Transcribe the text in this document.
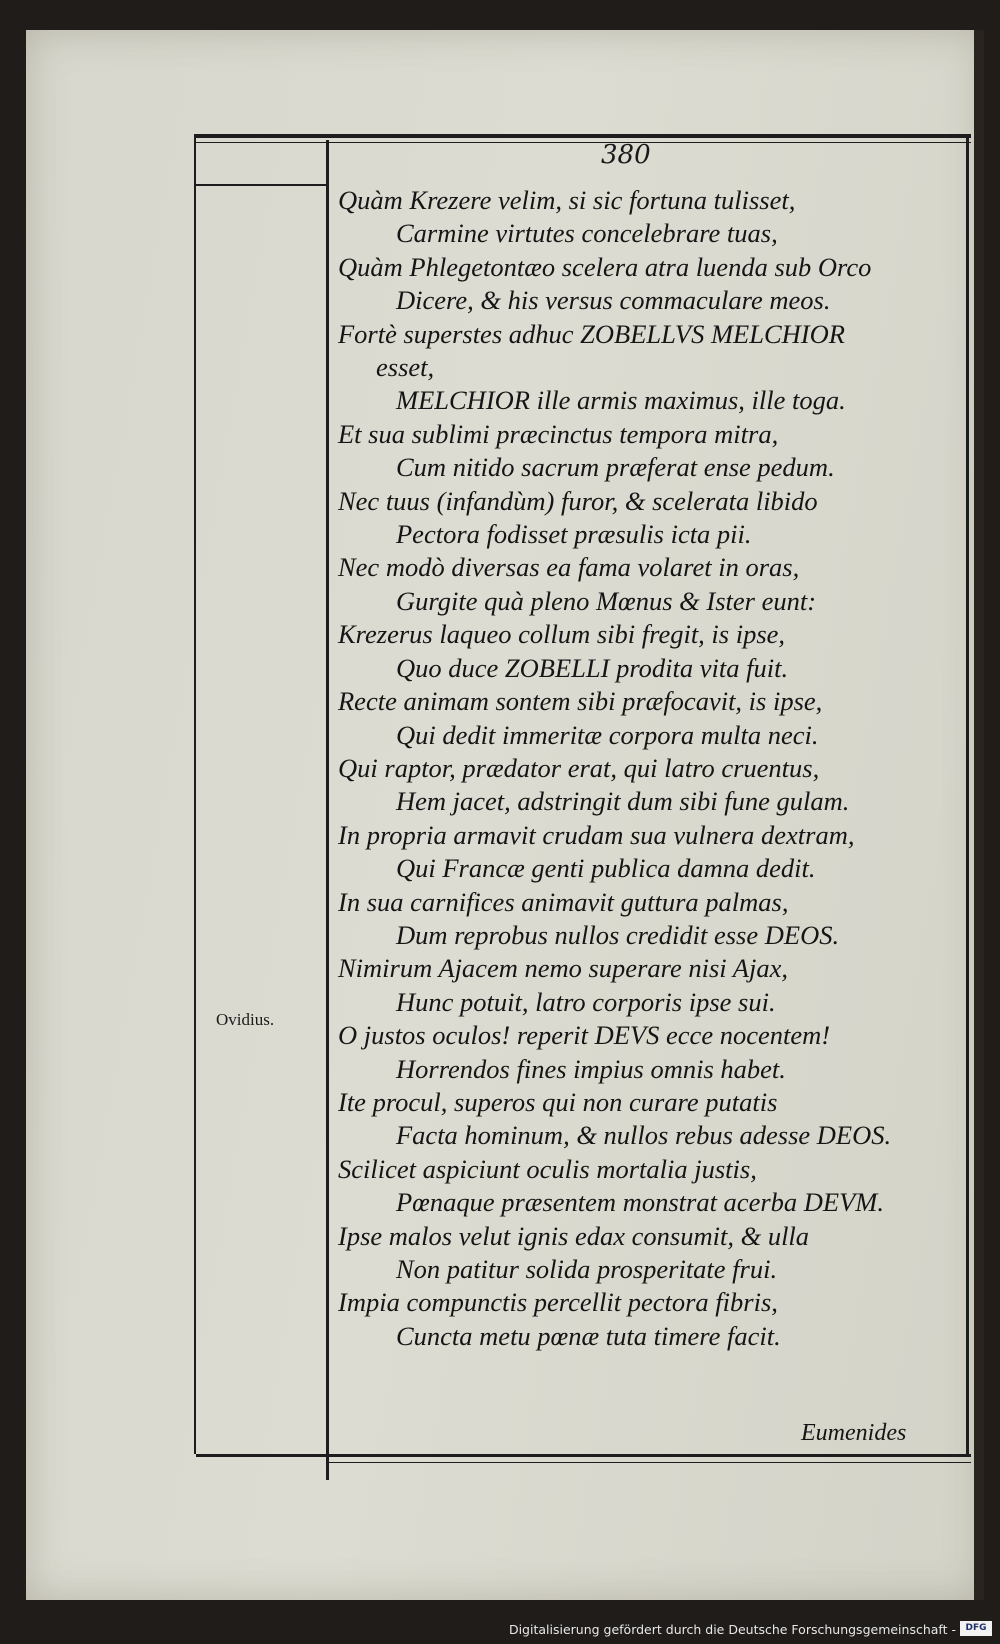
380
Quàm Krezere velim, si sic fortuna tulisset,
Carmine virtutes concelebrare tuas,
Quàm Phlegetontæo scelera atra luenda sub Orco
Dicere, & his versus commaculare meos.
Fortè superstes adhuc ZOBELLVS MELCHIOR
esset,
MELCHIOR ille armis maximus, ille toga.
Et sua sublimi præcinctus tempora mitra,
Cum nitido sacrum præferat ense pedum.
Nec tuus (infandùm) furor, & scelerata libido
Pectora fodisset præsulis icta pii.
Nec modò diversas ea fama volaret in oras,
Gurgite quà pleno Mœnus & Ister eunt:
Krezerus laqueo collum sibi fregit, is ipse,
Quo duce ZOBELLI prodita vita fuit.
Recte animam sontem sibi præfocavit, is ipse,
Qui dedit immeritæ corpora multa neci.
Qui raptor, prædator erat, qui latro cruentus,
Hem jacet, adstringit dum sibi fune gulam.
In propria armavit crudam sua vulnera dextram,
Qui Francæ genti publica damna dedit.
In sua carnifices animavit guttura palmas,
Dum reprobus nullos credidit esse DEOS.
Nimirum Ajacem nemo superare nisi Ajax,
Hunc potuit, latro corporis ipse sui.
O justos oculos! reperit DEVS ecce nocentem!
Horrendos fines impius omnis habet.
Ite procul, superos qui non curare putatis
Facta hominum, & nullos rebus adesse DEOS.
Scilicet aspiciunt oculis mortalia justis,
Pœnaque præsentem monstrat acerba DEVM.
Ipse malos velut ignis edax consumit, & ulla
Non patitur solida prosperitate frui.
Impia compunctis percellit pectora fibris,
Cuncta metu pœnæ tuta timere facit.
Ovidius.
Eumenides
Digitalisierung gefördert durch die Deutsche Forschungsgemeinschaft -	DFG
